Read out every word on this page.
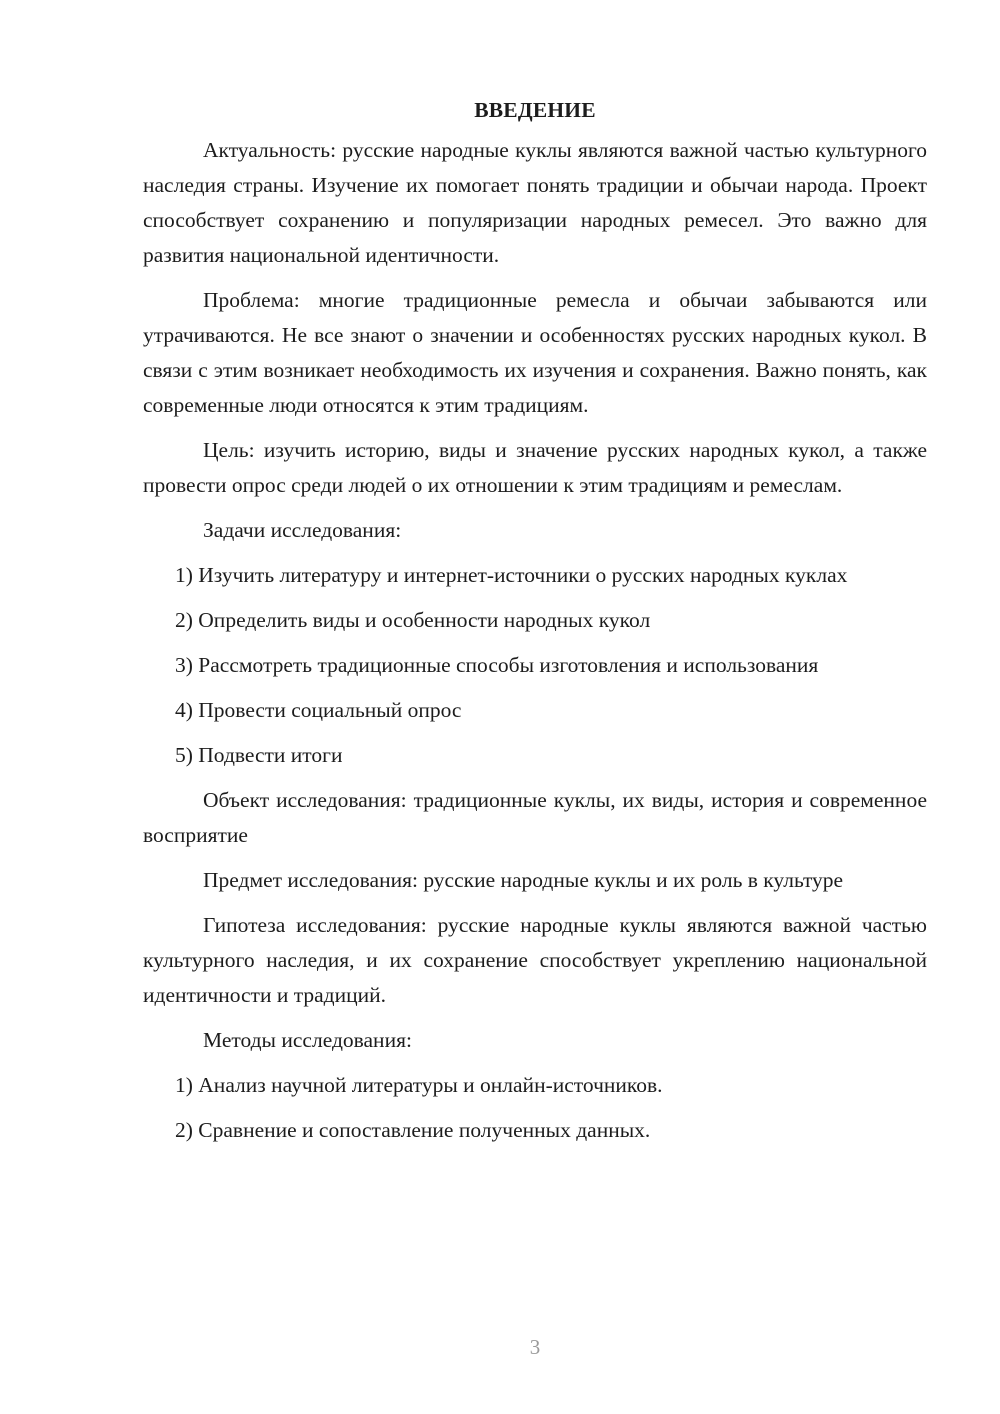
ВВЕДЕНИЕ

Актуальность: русские народные куклы являются важной частью культурного наследия страны. Изучение их помогает понять традиции и обычаи народа. Проект способствует сохранению и популяризации народных ремесел. Это важно для развития национальной идентичности.

Проблема: многие традиционные ремесла и обычаи забываются или утрачиваются. Не все знают о значении и особенностях русских народных кукол. В связи с этим возникает необходимость их изучения и сохранения. Важно понять, как современные люди относятся к этим традициям.

Цель: изучить историю, виды и значение русских народных кукол, а также провести опрос среди людей о их отношении к этим традициям и ремеслам.

Задачи исследования:

1) Изучить литературу и интернет-источники о русских народных куклах

2) Определить виды и особенности народных кукол

3) Рассмотреть традиционные способы изготовления и использования

4) Провести социальный опрос

5) Подвести итоги

Объект исследования: традиционные куклы, их виды, история и современное восприятие

Предмет исследования: русские народные куклы и их роль в культуре

Гипотеза исследования: русские народные куклы являются важной частью культурного наследия, и их сохранение способствует укреплению национальной идентичности и традиций.

Методы исследования:

1) Анализ научной литературы и онлайн-источников.

2) Сравнение и сопоставление полученных данных.

3
